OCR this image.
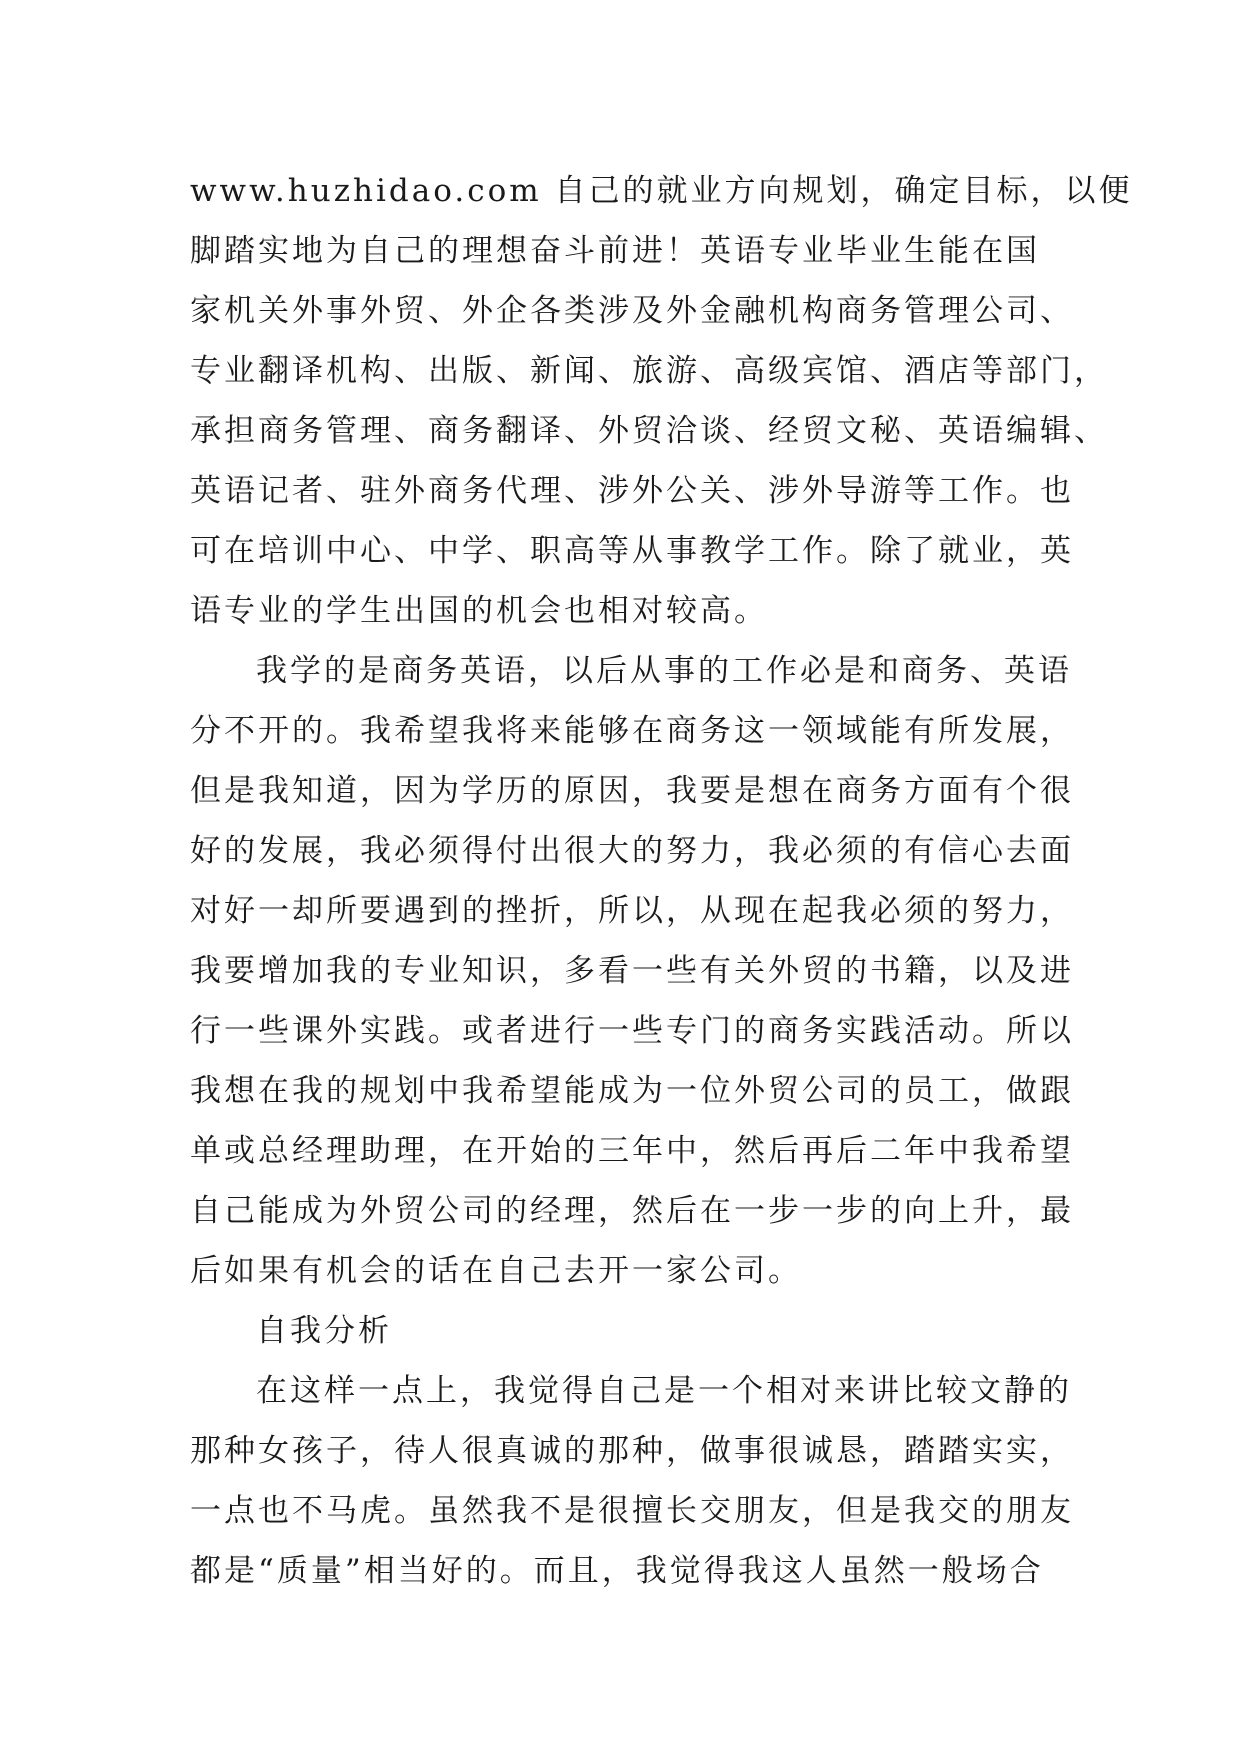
www.huzhidao.com 自己的就业方向规划，确定目标，以便
脚踏实地为自己的理想奋斗前进！英语专业毕业生能在国
家机关外事外贸、外企各类涉及外金融机构商务管理公司、
专业翻译机构、出版、新闻、旅游、高级宾馆、酒店等部门，
承担商务管理、商务翻译、外贸洽谈、经贸文秘、英语编辑、
英语记者、驻外商务代理、涉外公关、涉外导游等工作。也
可在培训中心、中学、职高等从事教学工作。除了就业，英
语专业的学生出国的机会也相对较高。
我学的是商务英语，以后从事的工作必是和商务、英语
分不开的。我希望我将来能够在商务这一领域能有所发展，
但是我知道，因为学历的原因，我要是想在商务方面有个很
好的发展，我必须得付出很大的努力，我必须的有信心去面
对好一却所要遇到的挫折，所以，从现在起我必须的努力，
我要增加我的专业知识，多看一些有关外贸的书籍，以及进
行一些课外实践。或者进行一些专门的商务实践活动。所以
我想在我的规划中我希望能成为一位外贸公司的员工，做跟
单或总经理助理，在开始的三年中，然后再后二年中我希望
自己能成为外贸公司的经理，然后在一步一步的向上升，最
后如果有机会的话在自己去开一家公司。
自我分析
在这样一点上，我觉得自己是一个相对来讲比较文静的
那种女孩子，待人很真诚的那种，做事很诚恳，踏踏实实，
一点也不马虎。虽然我不是很擅长交朋友，但是我交的朋友
都是“质量”相当好的。而且，我觉得我这人虽然一般场合
